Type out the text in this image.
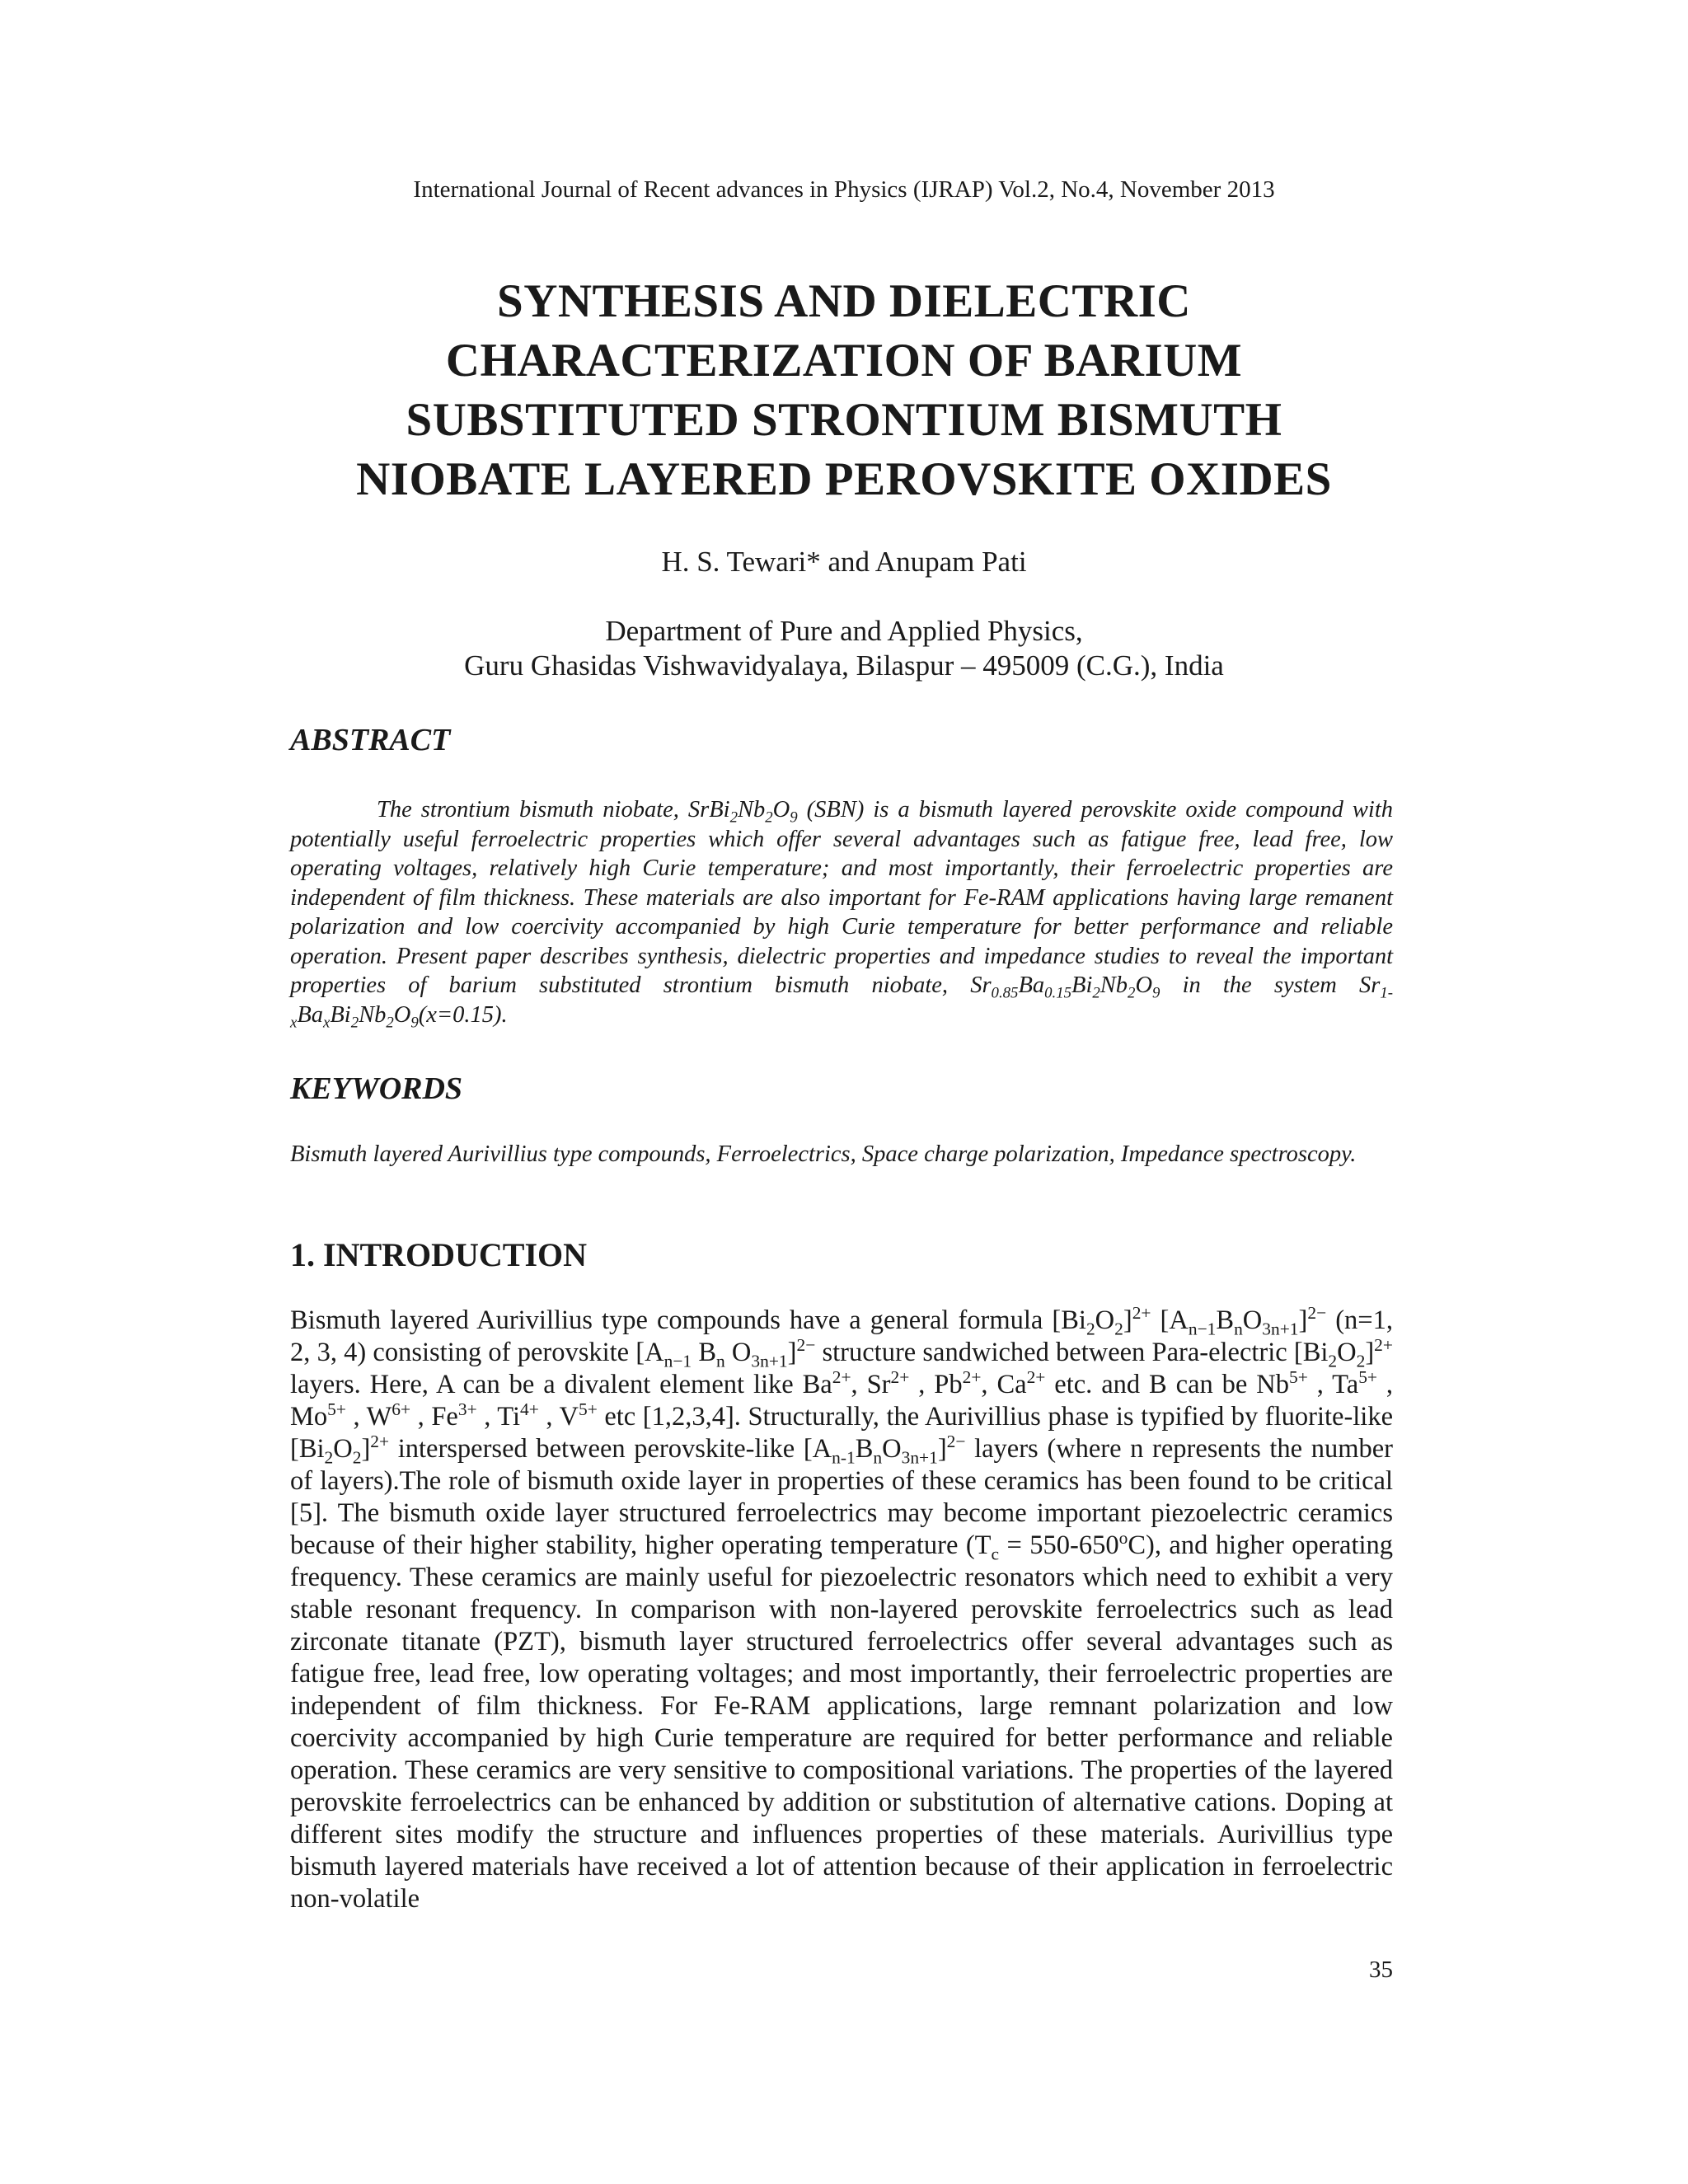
International Journal of Recent advances in Physics (IJRAP) Vol.2, No.4, November 2013
SYNTHESIS AND DIELECTRIC
CHARACTERIZATION OF BARIUM
SUBSTITUTED STRONTIUM BISMUTH
NIOBATE LAYERED PEROVSKITE OXIDES
H. S. Tewari* and Anupam Pati
Department of Pure and Applied Physics,
Guru Ghasidas Vishwavidyalaya, Bilaspur – 495009 (C.G.), India
ABSTRACT

The strontium bismuth niobate, $SrBi_2Nb_2O_9$ (SBN) is a bismuth layered perovskite oxide compound with potentially useful ferroelectric properties which offer several advantages such as fatigue free, lead free, low operating voltages, relatively high Curie temperature; and most importantly, their ferroelectric properties are independent of film thickness. These materials are also important for Fe-RAM applications having large remanent polarization and low coercivity accompanied by high Curie temperature for better performance and reliable operation. Present paper describes synthesis, dielectric properties and impedance studies to reveal the important properties of barium substituted strontium bismuth niobate, $Sr_{0.85}Ba_{0.15}Bi_2Nb_2O_9$ in the system $Sr_{1-x}Ba_xBi_2Nb_2O_9(x=0.15)$.

KEYWORDS

Bismuth layered Aurivillius type compounds, Ferroelectrics, Space charge polarization, Impedance spectroscopy.

1. INTRODUCTION

Bismuth layered Aurivillius type compounds have a general formula $[Bi_2O_2]^{2+}$ $[A_{n-1}B_nO_{3n+1}]^{2-}$ (n=1, 2, 3, 4) consisting of perovskite [$A_{n-1}$ $B_n$ $O_{3n+1}]^{2-}$ structure sandwiched between Para-electric $[Bi_2O_2]^{2+}$ layers. Here, A can be a divalent element like $Ba^{2+}$, $Sr^{2+}$ , $Pb^{2+}$, $Ca^{2+}$ etc. and B can be $Nb^{5+}$ , $Ta^{5+}$ , $Mo^{5+}$ , $W^{6+}$ , $Fe^{3+}$ , $Ti^{4+}$ , $V^{5+}$ etc [1,2,3,4]. Structurally, the Aurivillius phase is typified by fluorite-like $[Bi_2O_2]^{2+}$ interspersed between perovskite-like $[A_{n-1}B_nO_{3n+1}]^{2-}$ layers (where n represents the number of layers).The role of bismuth oxide layer in properties of these ceramics has been found to be critical [5]. The bismuth oxide layer structured ferroelectrics may become important piezoelectric ceramics because of their higher stability, higher operating temperature $(T_c = 550-650^oC)$, and higher operating frequency. These ceramics are mainly useful for piezoelectric resonators which need to exhibit a very stable resonant frequency. In comparison with non-layered perovskite ferroelectrics such as lead zirconate titanate (PZT), bismuth layer structured ferroelectrics offer several advantages such as fatigue free, lead free, low operating voltages; and most importantly, their ferroelectric properties are independent of film thickness. For Fe-RAM applications, large remnant polarization and low coercivity accompanied by high Curie temperature are required for better performance and reliable operation. These ceramics are very sensitive to compositional variations. The properties of the layered perovskite ferroelectrics can be enhanced by addition or substitution of alternative cations. Doping at different sites modify the structure and influences properties of these materials. Aurivillius type bismuth layered materials have received a lot of attention because of their application in ferroelectric non-volatile

35
